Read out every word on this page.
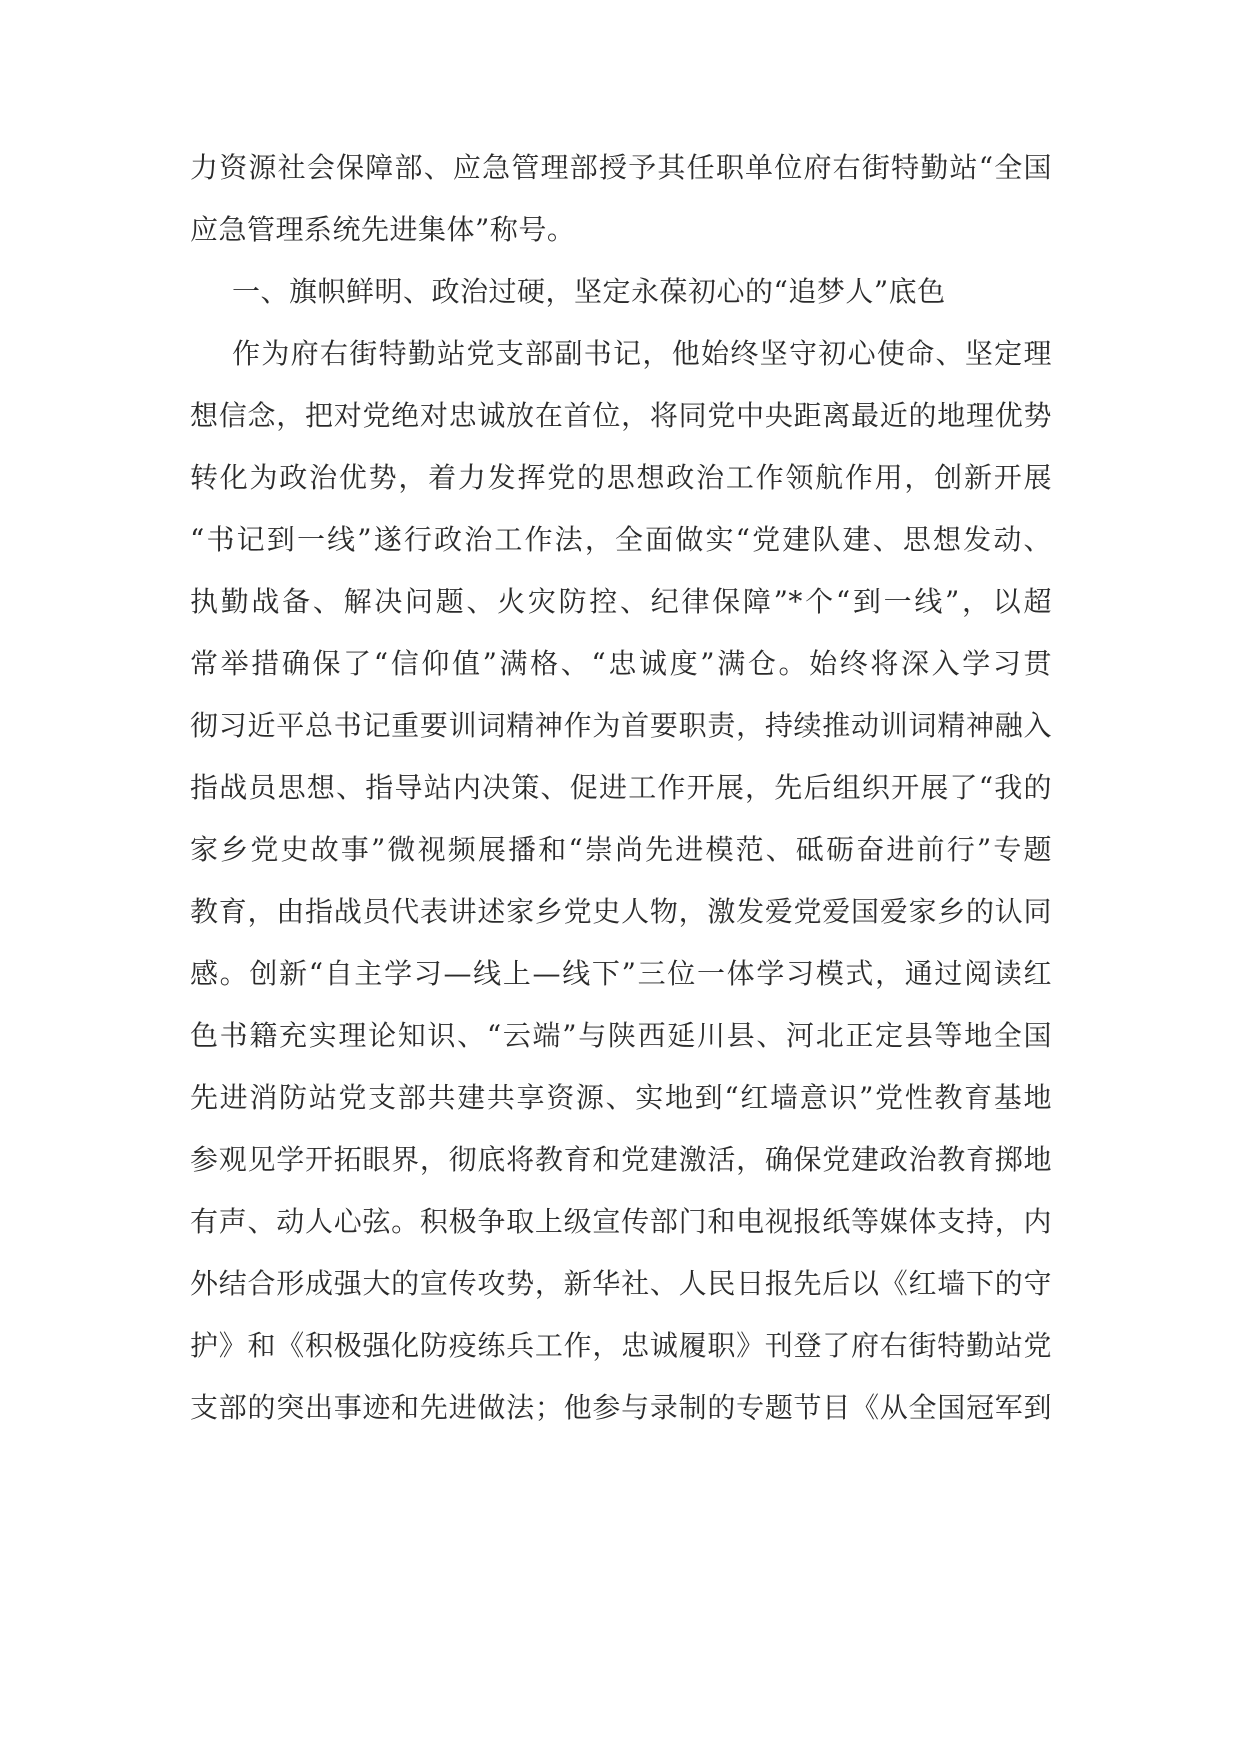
力资源社会保障部、应急管理部授予其任职单位府右街特勤站“全国
应急管理系统先进集体”称号。
一、旗帜鲜明、政治过硬，坚定永葆初心的“追梦人”底色
作为府右街特勤站党支部副书记，他始终坚守初心使命、坚定理
想信念，把对党绝对忠诚放在首位，将同党中央距离最近的地理优势
转化为政治优势，着力发挥党的思想政治工作领航作用，创新开展
“书记到一线”遂行政治工作法，全面做实“党建队建、思想发动、
执勤战备、解决问题、火灾防控、纪律保障”*个“到一线”，以超
常举措确保了“信仰值”满格、“忠诚度”满仓。始终将深入学习贯
彻习近平总书记重要训词精神作为首要职责，持续推动训词精神融入
指战员思想、指导站内决策、促进工作开展，先后组织开展了“我的
家乡党史故事”微视频展播和“崇尚先进模范、砥砺奋进前行”专题
教育，由指战员代表讲述家乡党史人物，激发爱党爱国爱家乡的认同
感。创新“自主学习—线上—线下”三位一体学习模式，通过阅读红
色书籍充实理论知识、“云端”与陕西延川县、河北正定县等地全国
先进消防站党支部共建共享资源、实地到“红墙意识”党性教育基地
参观见学开拓眼界，彻底将教育和党建激活，确保党建政治教育掷地
有声、动人心弦。积极争取上级宣传部门和电视报纸等媒体支持，内
外结合形成强大的宣传攻势，新华社、人民日报先后以《红墙下的守
护》和《积极强化防疫练兵工作，忠诚履职》刊登了府右街特勤站党
支部的突出事迹和先进做法；他参与录制的专题节目《从全国冠军到
